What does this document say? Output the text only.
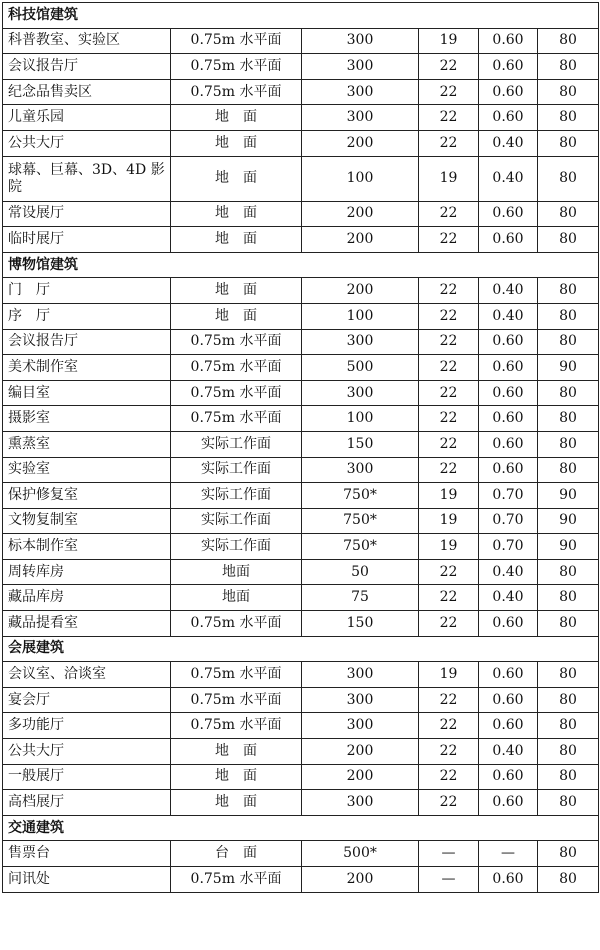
科技馆建筑					
科普教室、实验区	0.75m 水平面	300	19	0.60	80
会议报告厅	0.75m 水平面	300	22	0.60	80
纪念品售卖区	0.75m 水平面	300	22	0.60	80
儿童乐园	地　面	300	22	0.60	80
公共大厅	地　面	200	22	0.40	80
球幕、巨幕、3D、4D 影院	地　面	100	19	0.40	80
常设展厅	地　面	200	22	0.60	80
临时展厅	地　面	200	22	0.60	80
博物馆建筑					
门　厅	地　面	200	22	0.40	80
序　厅	地　面	100	22	0.40	80
会议报告厅	0.75m 水平面	300	22	0.60	80
美术制作室	0.75m 水平面	500	22	0.60	90
编目室	0.75m 水平面	300	22	0.60	80
摄影室	0.75m 水平面	100	22	0.60	80
熏蒸室	实际工作面	150	22	0.60	80
实验室	实际工作面	300	22	0.60	80
保护修复室	实际工作面	750*	19	0.70	90
文物复制室	实际工作面	750*	19	0.70	90
标本制作室	实际工作面	750*	19	0.70	90
周转库房	地面	50	22	0.40	80
藏品库房	地面	75	22	0.40	80
藏品提看室	0.75m 水平面	150	22	0.60	80
会展建筑					
会议室、洽谈室	0.75m 水平面	300	19	0.60	80
宴会厅	0.75m 水平面	300	22	0.60	80
多功能厅	0.75m 水平面	300	22	0.60	80
公共大厅	地　面	200	22	0.40	80
一般展厅	地　面	200	22	0.60	80
高档展厅	地　面	300	22	0.60	80
交通建筑					
售票台	台　面	500*	—	—	80
问讯处	0.75m 水平面	200	—	0.60	80
